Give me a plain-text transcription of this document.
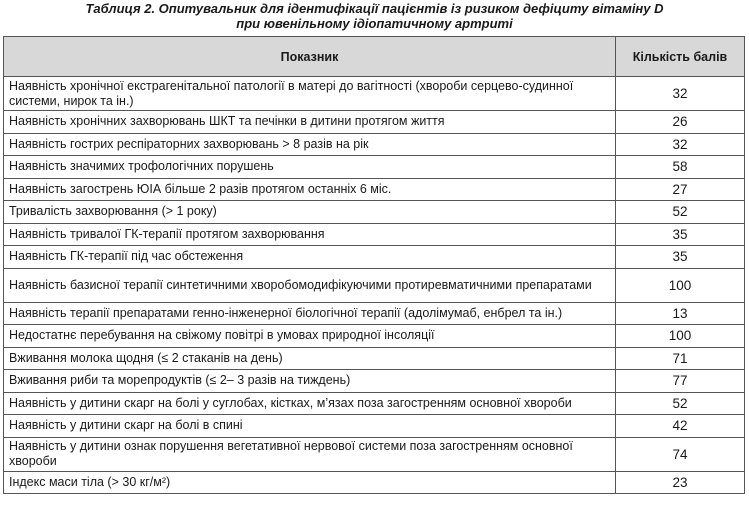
Таблиця 2. Опитувальник для ідентифікації пацієнтів із ризиком дефіциту вітаміну D
при ювенільному ідіопатичному артриті
Показник	Кількість балів
Наявність хронічної екстрагенітальної патології в матері до вагітності (хвороби серцево-судинної системи, нирок та ін.)	32
Наявність хронічних захворювань ШКТ та печінки в дитини протягом життя	26
Наявність гострих респіраторних захворювань > 8 разів на рік	32
Наявність значимих трофологічних порушень	58
Наявність загострень ЮІА більше 2 разів протягом останніх 6 міс.	27
Тривалість захворювання (> 1 року)	52
Наявність тривалої ГК-терапії протягом захворювання	35
Наявність ГК-терапії під час обстеження	35
Наявність базисної терапії синтетичними хворобомодифікуючими протиревматичними препаратами	100
Наявність терапії препаратами генно-інженерної біологічної терапії (адолімумаб, енбрел та ін.)	13
Недостатнє перебування на свіжому повітрі в умовах природної інсоляції	100
Вживання молока щодня (≤ 2 стаканів на день)	71
Вживання риби та морепродуктів (≤ 2– 3 разів на тиждень)	77
Наявність у дитини скарг на болі у суглобах, кістках, м’язах поза загостренням основної хвороби	52
Наявність у дитини скарг на болі в спині	42
Наявність у дитини ознак порушення вегетативної нервової системи поза загостренням основної хвороби	74
Індекс маси тіла (> 30 кг/м²)	23
